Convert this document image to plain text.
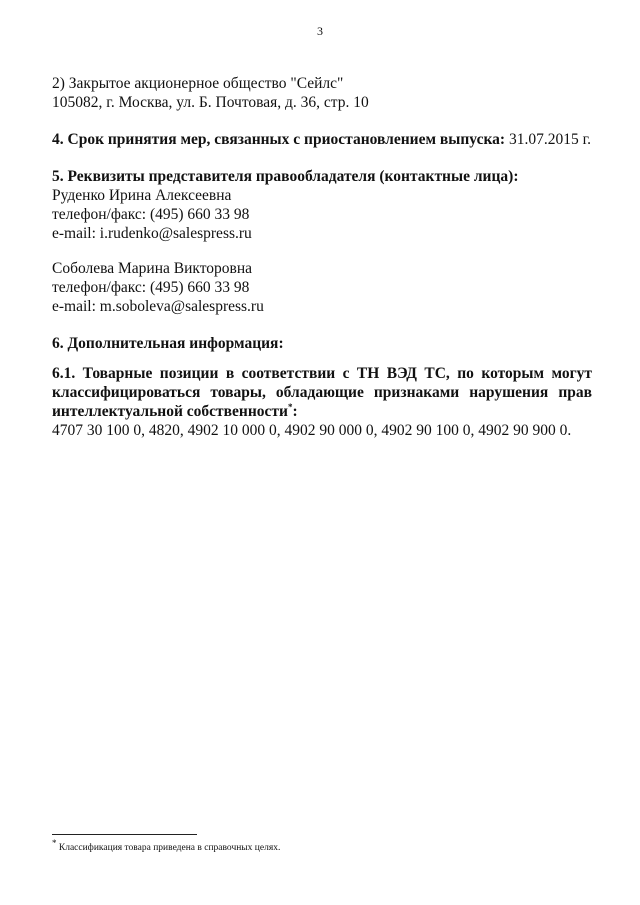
3

2) Закрытое акционерное общество "Сейлс"

105082, г. Москва, ул. Б. Почтовая, д. 36, стр. 10

4. Срок принятия мер, связанных с приостановлением выпуска: 31.07.2015 г.

5. Реквизиты представителя правообладателя (контактные лица):

Руденко Ирина Алексеевна

телефон/факс: (495) 660 33 98

e-mail: i.rudenko@salespress.ru

Соболева Марина Викторовна

телефон/факс: (495) 660 33 98

e-mail: m.soboleva@salespress.ru

6. Дополнительная информация:

6.1. Товарные позиции в соответствии с ТН ВЭД ТС, по которым могут

классифицироваться товары, обладающие признаками нарушения прав

интеллектуальной собственности*:

4707 30 100 0, 4820, 4902 10 000 0, 4902 90 000 0, 4902 90 100 0, 4902 90 900 0.

* Классификация товара приведена в справочных целях.
